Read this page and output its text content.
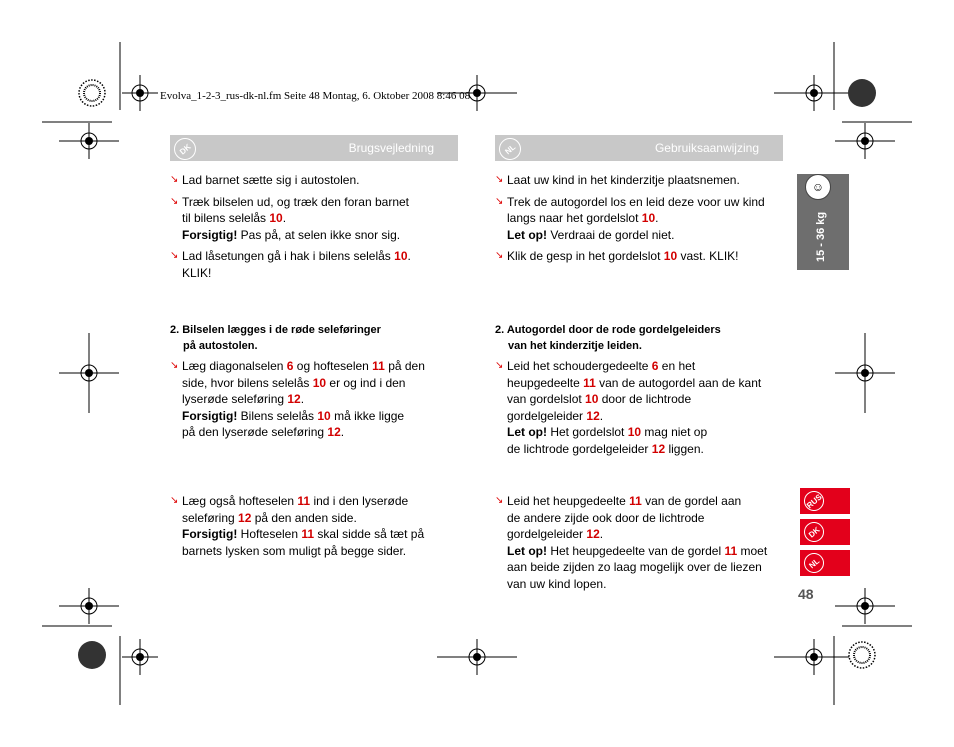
Evolva_1-2-3_rus-dk-nl.fm Seite 48 Montag, 6. Oktober 2008 8:46 08
DK	Brugsvejledning	NL	Gebruiksaanwijzing

↘ Lad barnet sætte sig i autostolen.

↘ Træk bilselen ud, og træk den foran barnet
til bilens selelås 10.
Forsigtig! Pas på, at selen ikke snor sig.

↘ Lad låsetungen gå i hak i bilens selelås 10.
KLIK!

↘ Laat uw kind in het kinderzitje plaatsnemen.

↘ Trek de autogordel los en leid deze voor uw kind
langs naar het gordelslot 10.
Let op! Verdraai de gordel niet.

↘ Klik de gesp in het gordelslot 10 vast. KLIK!

2. Bilselen lægges i de røde seleføringer
på autostolen.

↘ Læg diagonalselen 6 og hofteselen 11 på den
side, hvor bilens selelås 10 er og ind i den
lyserøde seleføring 12.
Forsigtig! Bilens selelås 10 må ikke ligge
på den lyserøde seleføring 12.

2. Autogordel door de rode gordelgeleiders
van het kinderzitje leiden.

↘ Leid het schoudergedeelte 6 en het
heupgedeelte 11 van de autogordel aan de kant
van gordelslot 10 door de lichtrode
gordelgeleider 12.
Let op! Het gordelslot 10 mag niet op
de lichtrode gordelgeleider 12 liggen.

↘ Læg også hofteselen 11 ind i den lyserøde
seleføring 12 på den anden side.
Forsigtig! Hofteselen 11 skal sidde så tæt på
barnets lysken som muligt på begge sider.

↘ Leid het heupgedeelte 11 van de gordel aan
de andere zijde ook door de lichtrode
gordelgeleider 12.
Let op! Het heupgedeelte van de gordel 11 moet
aan beide zijden zo laag mogelijk over de liezen
van uw kind lopen.

☺
15 - 36 kg
RUS
DK
NL
48
